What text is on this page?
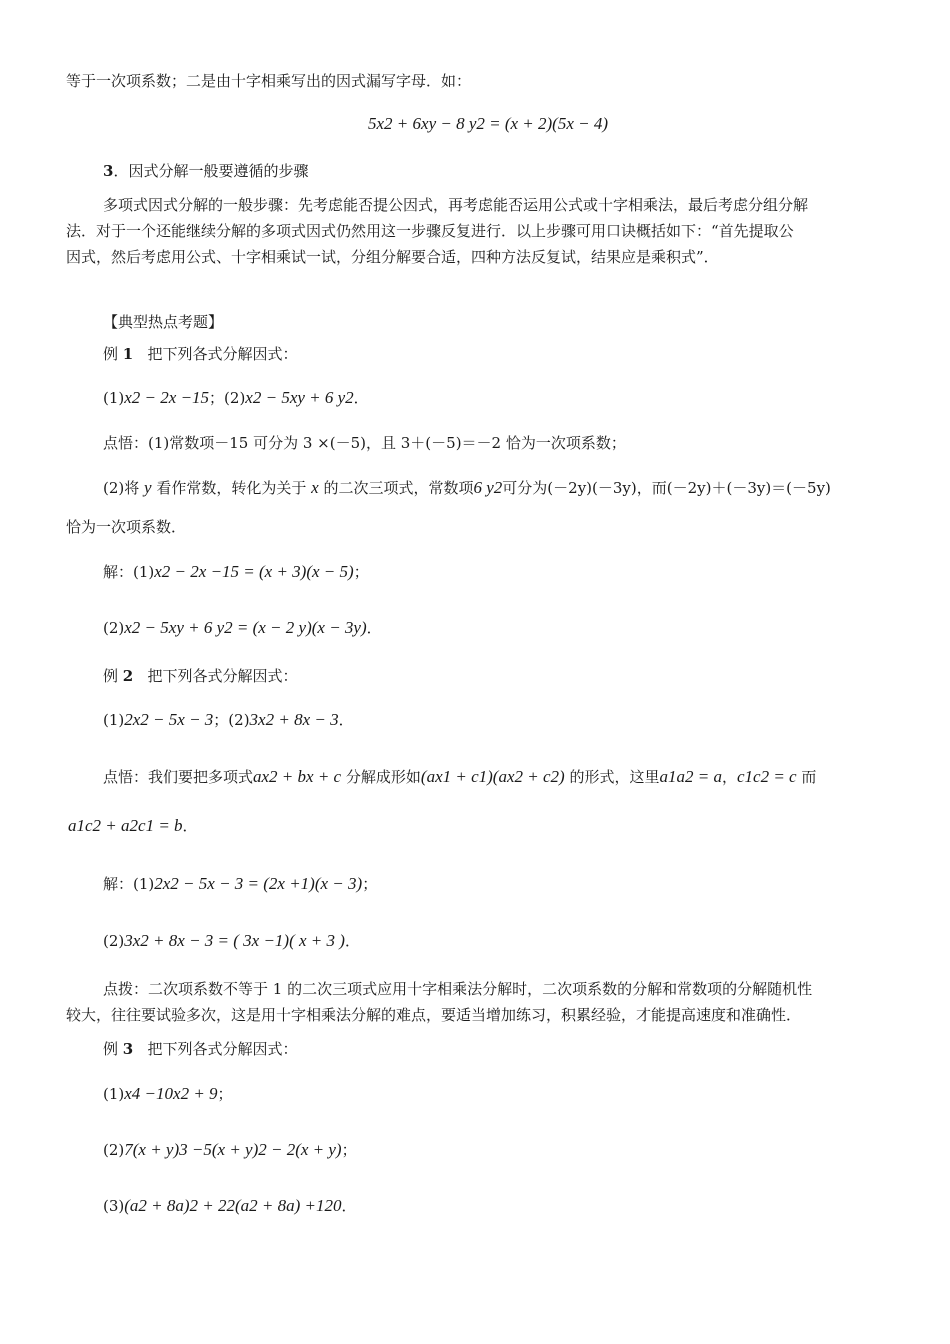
等于一次项系数；二是由十字相乘写出的因式漏写字母．如：
5x2 + 6xy − 8 y2 = (x + 2)(5x − 4)
3．因式分解一般要遵循的步骤
多项式因式分解的一般步骤：先考虑能否提公因式，再考虑能否运用公式或十字相乘法，最后考虑分组分解
法．对于一个还能继续分解的多项式因式仍然用这一步骤反复进行．以上步骤可用口诀概括如下：“首先提取公
因式，然后考虑用公式、十字相乘试一试，分组分解要合适，四种方法反复试，结果应是乘积式”．
【典型热点考题】
例 1 把下列各式分解因式：
(1)x2 − 2x −15；(2)x2 − 5xy + 6 y2．
点悟：(1)常数项－15 可分为 3 ×(－5)，且 3＋(－5)＝－2 恰为一次项系数；
(2)将 y 看作常数，转化为关于 x 的二次三项式，常数项6 y2可分为(－2y)(－3y)，而(－2y)＋(－3y)＝(－5y)
恰为一次项系数．
解：(1)x2 − 2x −15 = (x + 3)(x − 5)；
(2)x2 − 5xy + 6 y2 = (x − 2 y)(x − 3y)．
例 2 把下列各式分解因式：
(1)2x2 − 5x − 3；(2)3x2 + 8x − 3．
点悟：我们要把多项式ax2 + bx + c 分解成形如(ax1 + c1)(ax2 + c2) 的形式，这里a1a2 = a，c1c2 = c 而
a1c2 + a2c1 = b．
解：(1)2x2 − 5x − 3 = (2x +1)(x − 3)；
(2)3x2 + 8x − 3 = ( 3x −1)( x + 3 )．
点拨：二次项系数不等于 1 的二次三项式应用十字相乘法分解时，二次项系数的分解和常数项的分解随机性
较大，往往要试验多次，这是用十字相乘法分解的难点，要适当增加练习，积累经验，才能提高速度和准确性．
例 3 把下列各式分解因式：
(1)x4 −10x2 + 9；
(2)7(x + y)3 −5(x + y)2 − 2(x + y)；
(3)(a2 + 8a)2 + 22(a2 + 8a) +120．
